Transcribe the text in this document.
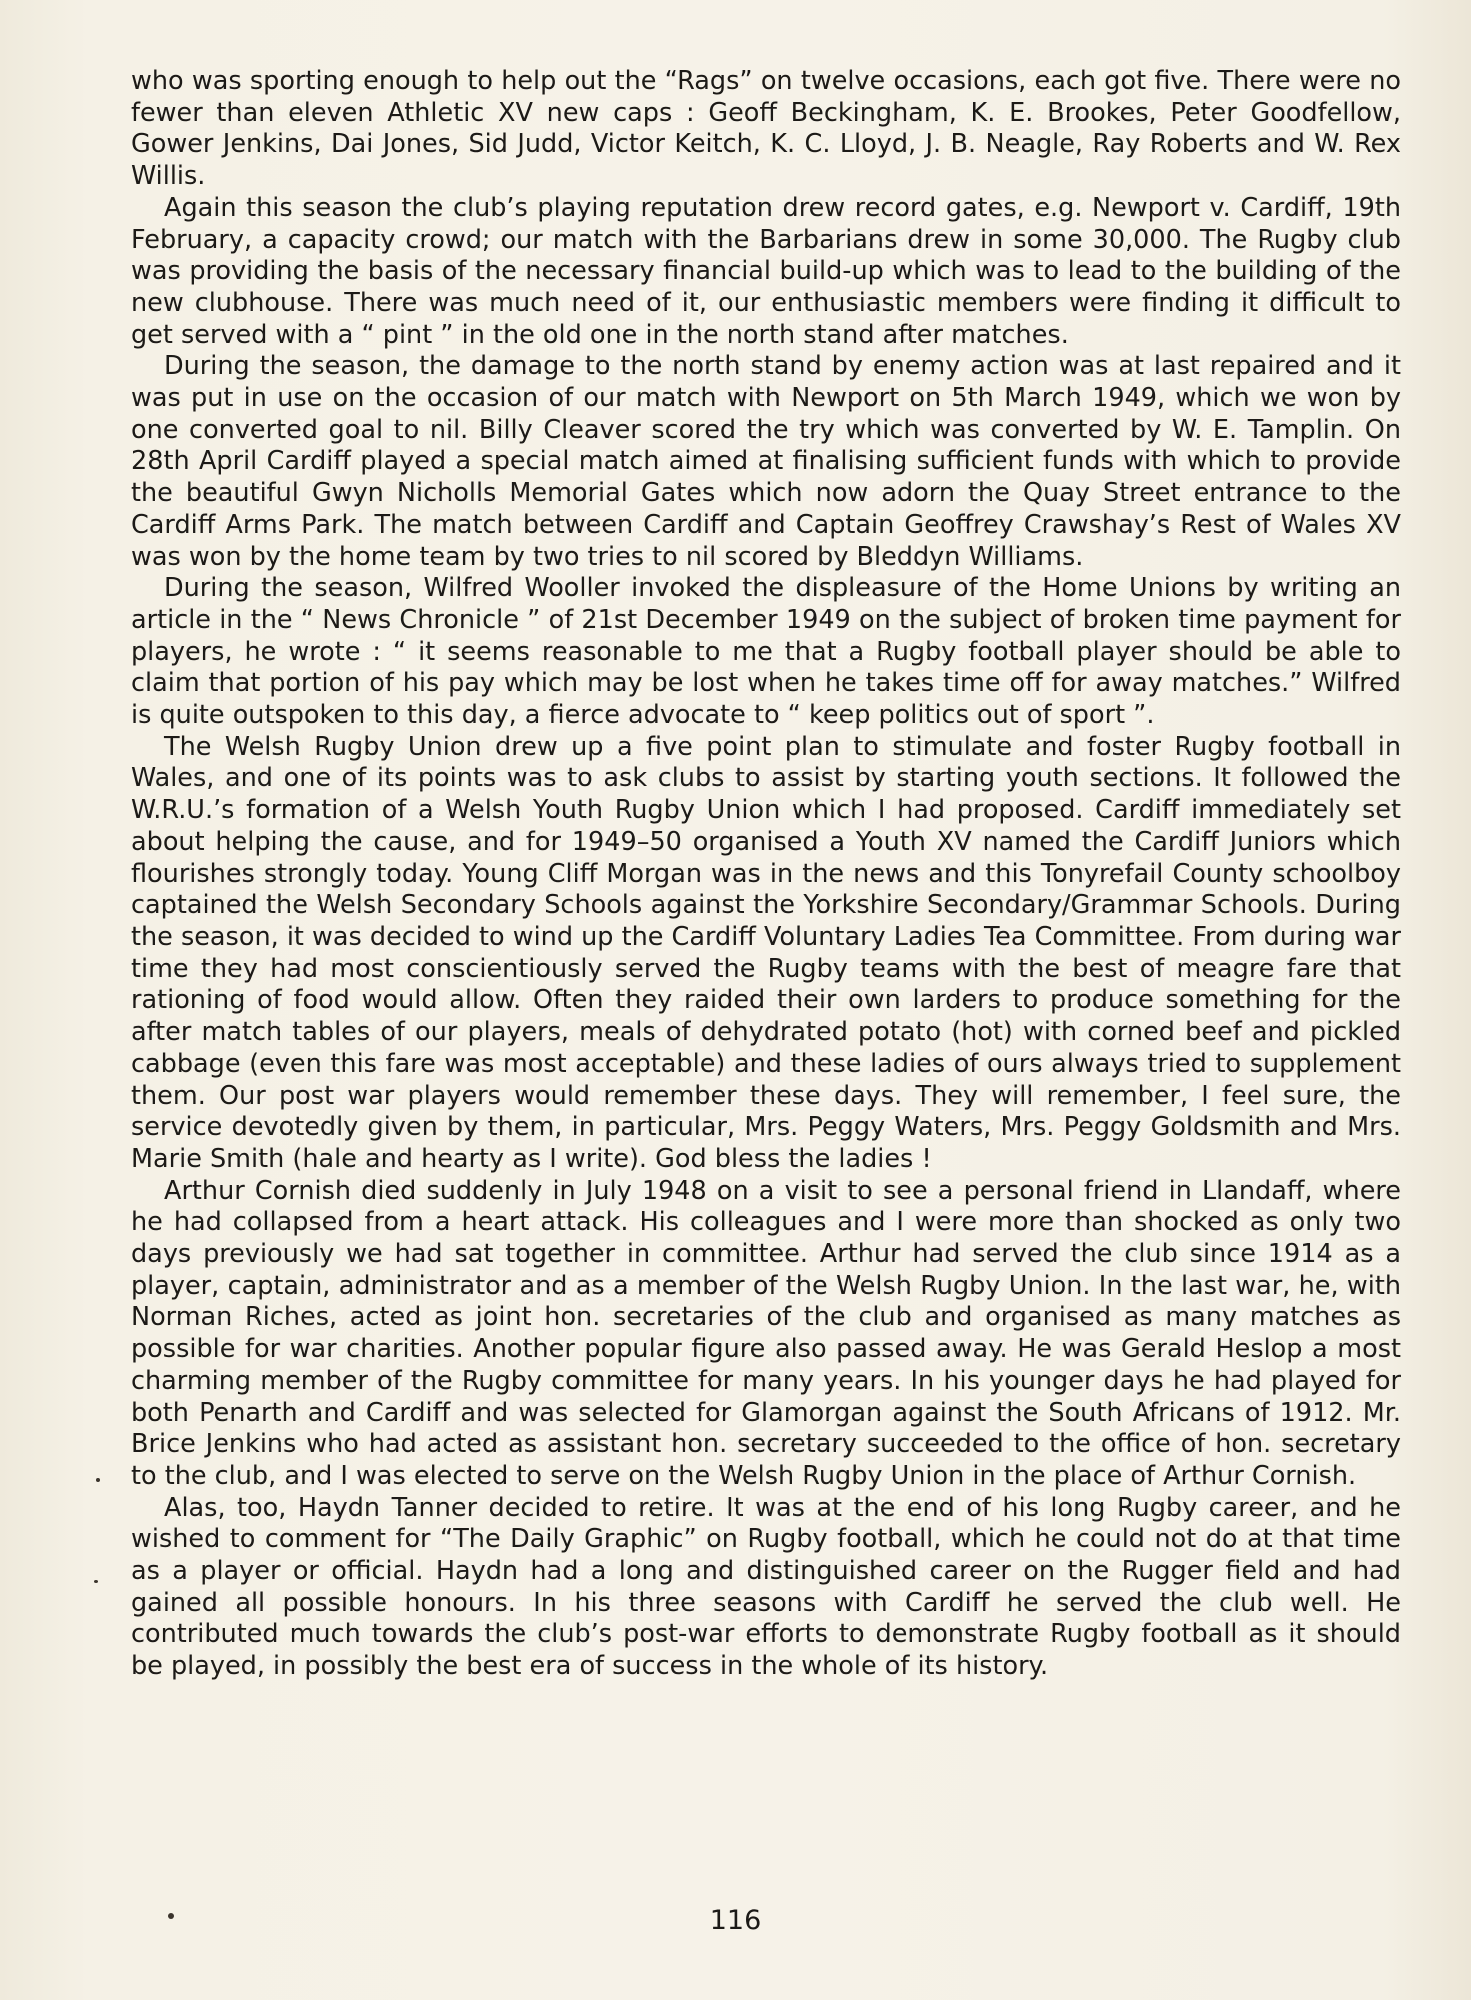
who was sporting enough to help out the “Rags” on twelve occasions, each got five. There were no fewer than eleven Athletic XV new caps : Geoff Beckingham, K. E. Brookes, Peter Goodfellow, Gower Jenkins, Dai Jones, Sid Judd, Victor Keitch, K. C. Lloyd, J. B. Neagle, Ray Roberts and W. Rex Willis.

Again this season the club’s playing reputation drew record gates, e.g. Newport v. Cardiff, 19th February, a capacity crowd; our match with the Barbarians drew in some 30,000. The Rugby club was providing the basis of the necessary financial build-up which was to lead to the building of the new clubhouse. There was much need of it, our enthusiastic members were finding it difficult to get served with a “ pint ” in the old one in the north stand after matches.

During the season, the damage to the north stand by enemy action was at last repaired and it was put in use on the occasion of our match with Newport on 5th March 1949, which we won by one converted goal to nil. Billy Cleaver scored the try which was converted by W. E. Tamplin. On 28th April Cardiff played a special match aimed at finalising sufficient funds with which to provide the beautiful Gwyn Nicholls Memorial Gates which now adorn the Quay Street entrance to the Cardiff Arms Park. The match between Cardiff and Captain Geoffrey Crawshay’s Rest of Wales XV was won by the home team by two tries to nil scored by Bleddyn Williams.

During the season, Wilfred Wooller invoked the displeasure of the Home Unions by writing an article in the “ News Chronicle ” of 21st December 1949 on the subject of broken time payment for players, he wrote : “ it seems reasonable to me that a Rugby football player should be able to claim that portion of his pay which may be lost when he takes time off for away matches.” Wilfred is quite outspoken to this day, a fierce advocate to “ keep politics out of sport ”.

The Welsh Rugby Union drew up a five point plan to stimulate and foster Rugby football in Wales, and one of its points was to ask clubs to assist by starting youth sections. It followed the W.R.U.’s formation of a Welsh Youth Rugby Union which I had proposed. Cardiff immediately set about helping the cause, and for 1949–50 organised a Youth XV named the Cardiff Juniors which flourishes strongly today. Young Cliff Morgan was in the news and this Tonyrefail County schoolboy captained the Welsh Secondary Schools against the Yorkshire Secondary/Grammar Schools. During the season, it was decided to wind up the Cardiff Voluntary Ladies Tea Committee. From during war time they had most conscientiously served the Rugby teams with the best of meagre fare that rationing of food would allow. Often they raided their own larders to produce something for the after match tables of our players, meals of dehydrated potato (hot) with corned beef and pickled cabbage (even this fare was most acceptable) and these ladies of ours always tried to supplement them. Our post war players would remember these days. They will remember, I feel sure, the service devotedly given by them, in particular, Mrs. Peggy Waters, Mrs. Peggy Goldsmith and Mrs. Marie Smith (hale and hearty as I write). God bless the ladies !

Arthur Cornish died suddenly in July 1948 on a visit to see a personal friend in Llandaff, where he had collapsed from a heart attack. His colleagues and I were more than shocked as only two days previously we had sat together in committee. Arthur had served the club since 1914 as a player, captain, administrator and as a member of the Welsh Rugby Union. In the last war, he, with Norman Riches, acted as joint hon. secretaries of the club and organised as many matches as possible for war charities. Another popular figure also passed away. He was Gerald Heslop a most charming member of the Rugby committee for many years. In his younger days he had played for both Penarth and Cardiff and was selected for Glamorgan against the South Africans of 1912. Mr. Brice Jenkins who had acted as assistant hon. secretary succeeded to the office of hon. secretary to the club, and I was elected to serve on the Welsh Rugby Union in the place of Arthur Cornish.

Alas, too, Haydn Tanner decided to retire. It was at the end of his long Rugby career, and he wished to comment for “The Daily Graphic” on Rugby football, which he could not do at that time as a player or official. Haydn had a long and distinguished career on the Rugger field and had gained all possible honours. In his three seasons with Cardiff he served the club well. He contributed much towards the club’s post-war efforts to demonstrate Rugby football as it should be played, in possibly the best era of success in the whole of its history.

116
